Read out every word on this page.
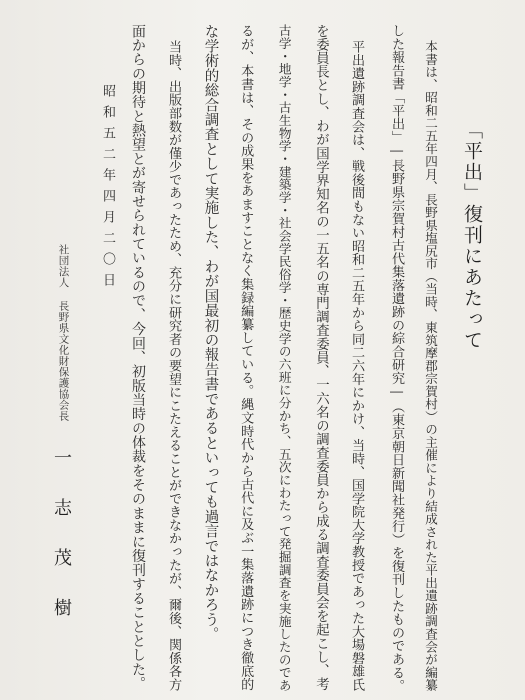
「平出」復刊にあたって
本書は、昭和二五年四月、長野県塩尻市（当時、東筑摩郡宗賀村）の主催により結成された平出遺跡調査会が編纂
した報告書「平出」―長野県宗賀村古代集落遺跡の綜合研究―（東京朝日新聞社発行）を復刊したものである。
平出遺跡調査会は、戦後間もない昭和二五年から同二六年にかけ、当時、国学院大学教授であった大場磐雄氏
を委員長とし、わが国学界知名の一五名の専門調査委員、一六名の調査委員から成る調査委員会を起こし、考
古学・地学・古生物学・建築学・社会学民俗学・歴史学の六班に分かち、五次にわたって発掘調査を実施したのであ
るが、本書は、その成果をあますことなく集録編纂している。縄文時代から古代に及ぶ一集落遺跡につき徹底的
な学術的総合調査として実施した、わが国最初の報告書であるといっても過言ではなかろう。
当時、出版部数が僅少であったため、充分に研究者の要望にこたえることができなかったが、爾後、関係各方
面からの期待と熱望とが寄せられているので、今回、初版当時の体裁をそのままに復刊することとした。
昭和五二年四月二〇日
社団法人 長野県文化財保護協会長
一志茂樹
